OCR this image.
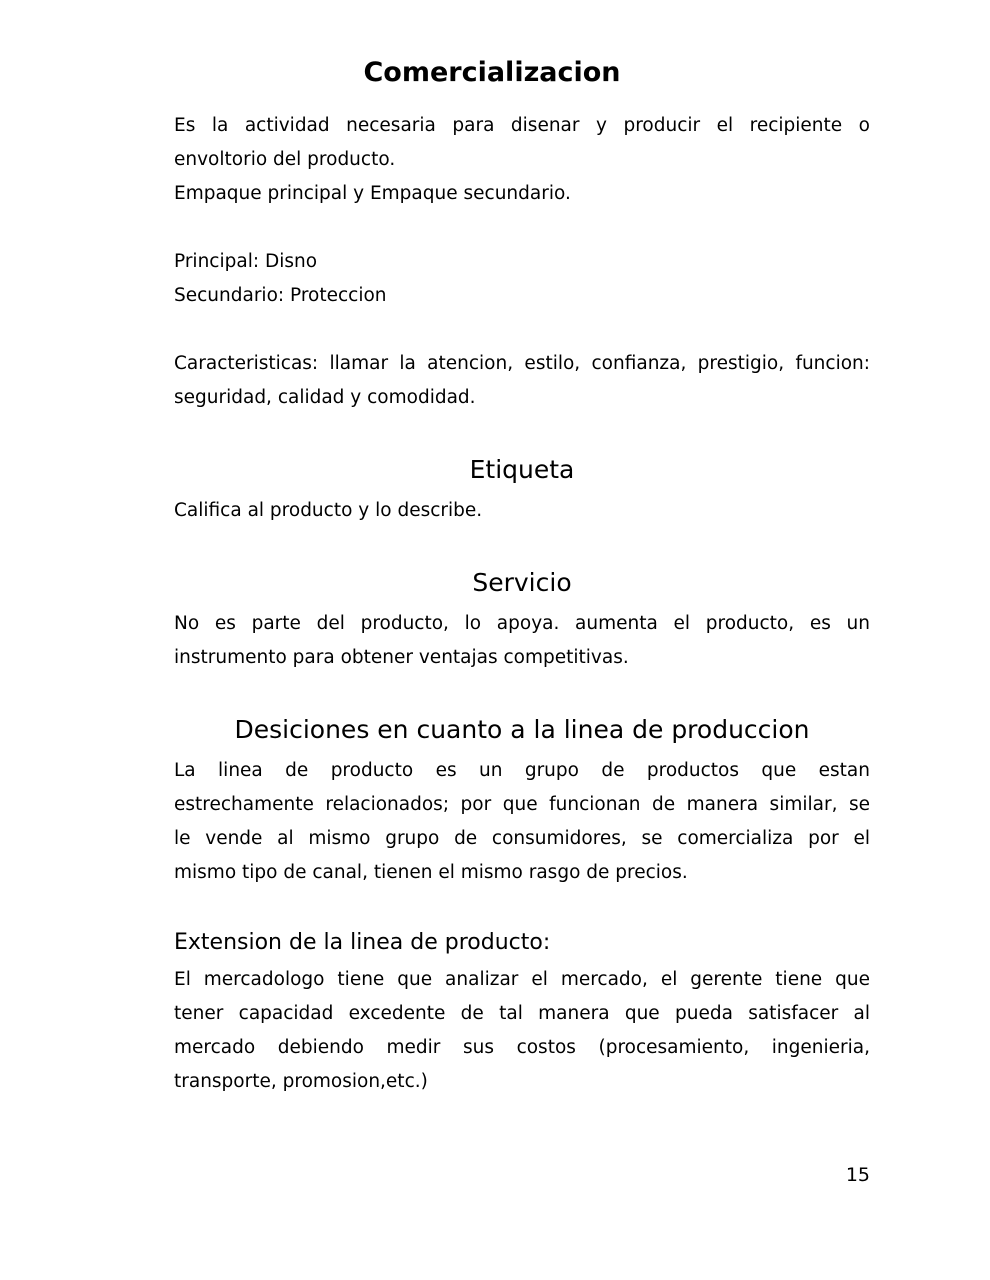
Comercializacion
Es la actividad necesaria para disenar y producir el recipiente o
envoltorio del producto.
Empaque principal y Empaque secundario.
Principal: Disno
Secundario: Proteccion
Caracteristicas: llamar la atencion, estilo, confianza, prestigio, funcion:
seguridad, calidad y comodidad.
Etiqueta
Califica al producto y lo describe.
Servicio
No es parte del producto, lo apoya. aumenta el producto, es un
instrumento para obtener ventajas competitivas.
Desiciones en cuanto a la linea de produccion
La linea de producto es un grupo de productos que estan
estrechamente relacionados; por que funcionan de manera similar, se
le vende al mismo grupo de consumidores, se comercializa por el
mismo tipo de canal, tienen el mismo rasgo de precios.
Extension de la linea de producto:
El mercadologo tiene que analizar el mercado, el gerente tiene que
tener capacidad excedente de tal manera que pueda satisfacer al
mercado debiendo medir sus costos (procesamiento, ingenieria,
transporte, promosion,etc.)
15
